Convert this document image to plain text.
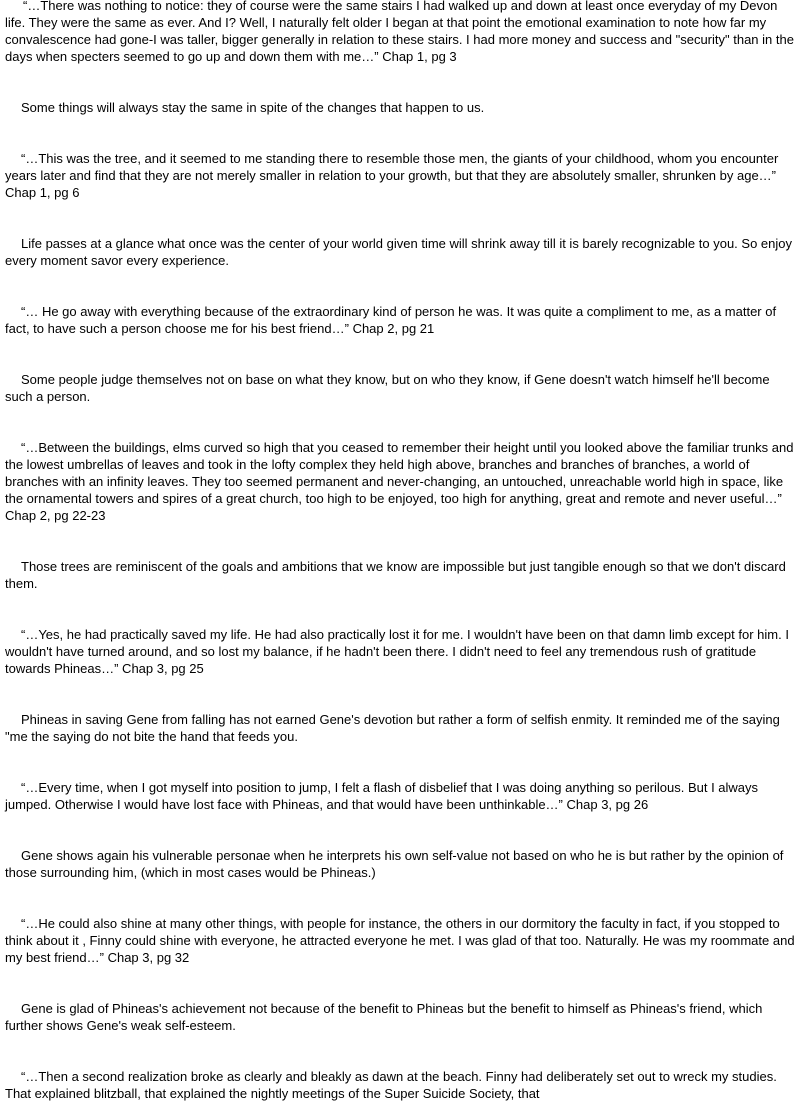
“…There was nothing to notice: they of course were the same stairs I had walked up and down at least once everyday of my Devon life. They were the same as ever. And I? Well, I naturally felt older I began at that point the emotional examination to note how far my convalescence had gone-I was taller, bigger generally in relation to these stairs. I had more money and success and "security" than in the days when specters seemed to go up and down them with me…” Chap 1, pg 3

Some things will always stay the same in spite of the changes that happen to us.

“…This was the tree, and it seemed to me standing there to resemble those men, the giants of your childhood, whom you encounter years later and find that they are not merely smaller in relation to your growth, but that they are absolutely smaller, shrunken by age…” Chap 1, pg 6

Life passes at a glance what once was the center of your world given time will shrink away till it is barely recognizable to you. So enjoy every moment savor every experience.

“… He go away with everything because of the extraordinary kind of person he was. It was quite a compliment to me, as a matter of fact, to have such a person choose me for his best friend…” Chap 2, pg 21

Some people judge themselves not on base on what they know, but on who they know, if Gene doesn't watch himself he'll become such a person.

“…Between the buildings, elms curved so high that you ceased to remember their height until you looked above the familiar trunks and the lowest umbrellas of leaves and took in the lofty complex they held high above, branches and branches of branches, a world of branches with an infinity leaves. They too seemed permanent and never-changing, an untouched, unreachable world high in space, like the ornamental towers and spires of a great church, too high to be enjoyed, too high for anything, great and remote and never useful…” Chap 2, pg 22-23

Those trees are reminiscent of the goals and ambitions that we know are impossible but just tangible enough so that we don't discard them.

“…Yes, he had practically saved my life. He had also practically lost it for me. I wouldn't have been on that damn limb except for him. I wouldn't have turned around, and so lost my balance, if he hadn't been there. I didn't need to feel any tremendous rush of gratitude towards Phineas…” Chap 3, pg 25

Phineas in saving Gene from falling has not earned Gene's devotion but rather a form of selfish enmity. It reminded me of the saying "me the saying do not bite the hand that feeds you.

“…Every time, when I got myself into position to jump, I felt a flash of disbelief that I was doing anything so perilous. But I always jumped. Otherwise I would have lost face with Phineas, and that would have been unthinkable…” Chap 3, pg 26

Gene shows again his vulnerable personae when he interprets his own self-value not based on who he is but rather by the opinion of those surrounding him, (which in most cases would be Phineas.)

“…He could also shine at many other things, with people for instance, the others in our dormitory the faculty in fact, if you stopped to think about it , Finny could shine with everyone, he attracted everyone he met. I was glad of that too. Naturally. He was my roommate and my best friend…” Chap 3, pg 32

Gene is glad of Phineas's achievement not because of the benefit to Phineas but the benefit to himself as Phineas's friend, which further shows Gene's weak self-esteem.

“…Then a second realization broke as clearly and bleakly as dawn at the beach. Finny had deliberately set out to wreck my studies. That explained blitzball, that explained the nightly meetings of the Super Suicide Society, that
